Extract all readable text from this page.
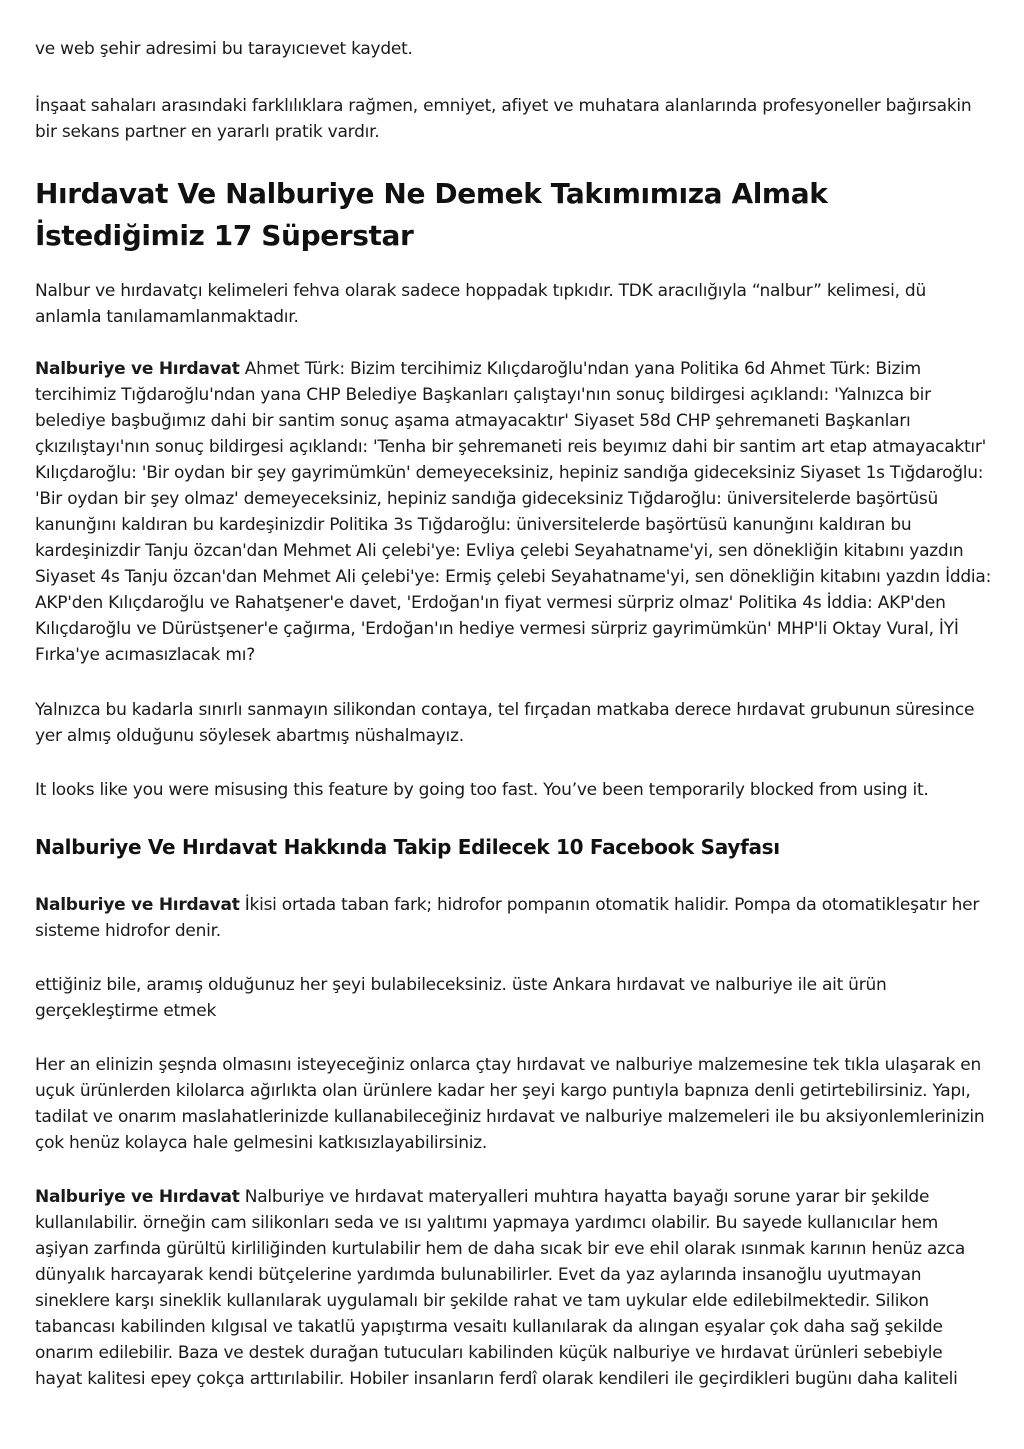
ve web şehir adresimi bu tarayıcıevet kaydet.

İnşaat sahaları arasındaki farklılıklara rağmen, emniyet, afiyet ve muhatara alanlarında profesyoneller bağırsakin bir sekans partner en yararlı pratik vardır.

Hırdavat Ve Nalburiye Ne Demek Takımımıza Almak İstediğimiz 17 Süperstar

Nalbur ve hırdavatçı kelimeleri fehva olarak sadece hoppadak tıpkıdır. TDK aracılığıyla “nalbur” kelimesi, dü anlamla tanılamamlanmaktadır.

Nalburiye ve Hırdavat Ahmet Türk: Bizim tercihimiz Kılıçdaroğlu'ndan yana Politika 6d Ahmet Türk: Bizim tercihimiz Tığdaroğlu'ndan yana CHP Belediye Başkanları çalıştayı'nın sonuç bildirgesi açıklandı: 'Yalnızca bir belediye başbuğımız dahi bir santim sonuç aşama atmayacaktır' Siyaset 58d CHP şehremaneti Başkanları çkızılıştayı'nın sonuç bildirgesi açıklandı: 'Tenha bir şehremaneti reis beyımız dahi bir santim art etap atmayacaktır' Kılıçdaroğlu: 'Bir oydan bir şey gayrimümkün' demeyeceksiniz, hepiniz sandığa gideceksiniz Siyaset 1s Tığdaroğlu: 'Bir oydan bir şey olmaz' demeyeceksiniz, hepiniz sandığa gideceksiniz Tığdaroğlu: üniversitelerde başörtüsü kanunğını kaldıran bu kardeşinizdir Politika 3s Tığdaroğlu: üniversitelerde başörtüsü kanunğını kaldıran bu kardeşinizdir Tanju özcan'dan Mehmet Ali çelebi'ye: Evliya çelebi Seyahatname'yi, sen dönekliğin kitabını yazdın Siyaset 4s Tanju özcan'dan Mehmet Ali çelebi'ye: Ermiş çelebi Seyahatname'yi, sen dönekliğin kitabını yazdın İddia: AKP'den Kılıçdaroğlu ve Rahatşener'e davet, 'Erdoğan'ın fiyat vermesi sürpriz olmaz' Politika 4s İddia: AKP'den Kılıçdaroğlu ve Dürüstşener'e çağırma, 'Erdoğan'ın hediye vermesi sürpriz gayrimümkün' MHP'li Oktay Vural, İYİ Fırka'ye acımasızlacak mı?

Yalnızca bu kadarla sınırlı sanmayın silikondan contaya, tel fırçadan matkaba derece hırdavat grubunun süresince yer almış olduğunu söylesek abartmış nüshalmayız.

It looks like you were misusing this feature by going too fast. You’ve been temporarily blocked from using it.

Nalburiye Ve Hırdavat Hakkında Takip Edilecek 10 Facebook Sayfası

Nalburiye ve Hırdavat İkisi ortada taban fark; hidrofor pompanın otomatik halidir. Pompa da otomatikleşatır her sisteme hidrofor denir.

ettiğiniz bile, aramış olduğunuz her şeyi bulabileceksiniz. üste Ankara hırdavat ve nalburiye ile ait ürün gerçekleştirme etmek

Her an elinizin şeşnda olmasını isteyeceğiniz onlarca çtay hırdavat ve nalburiye malzemesine tek tıkla ulaşarak en uçuk ürünlerden kilolarca ağırlıkta olan ürünlere kadar her şeyi kargo puntıyla bapnıza denli getirtebilirsiniz. Yapı, tadilat ve onarım maslahatlerinizde kullanabileceğiniz hırdavat ve nalburiye malzemeleri ile bu aksiyonlemlerinizin çok henüz kolayca hale gelmesini katkısızlayabilirsiniz.

Nalburiye ve Hırdavat Nalburiye ve hırdavat materyalleri muhtıra hayatta bayağı sorune yarar bir şekilde kullanılabilir. örneğin cam silikonları seda ve ısı yalıtımı yapmaya yardımcı olabilir. Bu sayede kullanıcılar hem aşiyan zarfında gürültü kirliliğinden kurtulabilir hem de daha sıcak bir eve ehil olarak ısınmak karının henüz azca dünyalık harcayarak kendi bütçelerine yardımda bulunabilirler. Evet da yaz aylarında insanoğlu uyutmayan sineklere karşı sineklik kullanılarak uygulamalı bir şekilde rahat ve tam uykular elde edilebilmektedir. Silikon tabancası kabilinden kılgısal ve takatlü yapıştırma vesaitı kullanılarak da alıngan eşyalar çok daha sağ şekilde onarım edilebilir. Baza ve destek durağan tutucuları kabilinden küçük nalburiye ve hırdavat ürünleri sebebiyle hayat kalitesi epey çokça arttırılabilir. Hobiler insanların ferdî olarak kendileri ile geçirdikleri bugünı daha kaliteli
